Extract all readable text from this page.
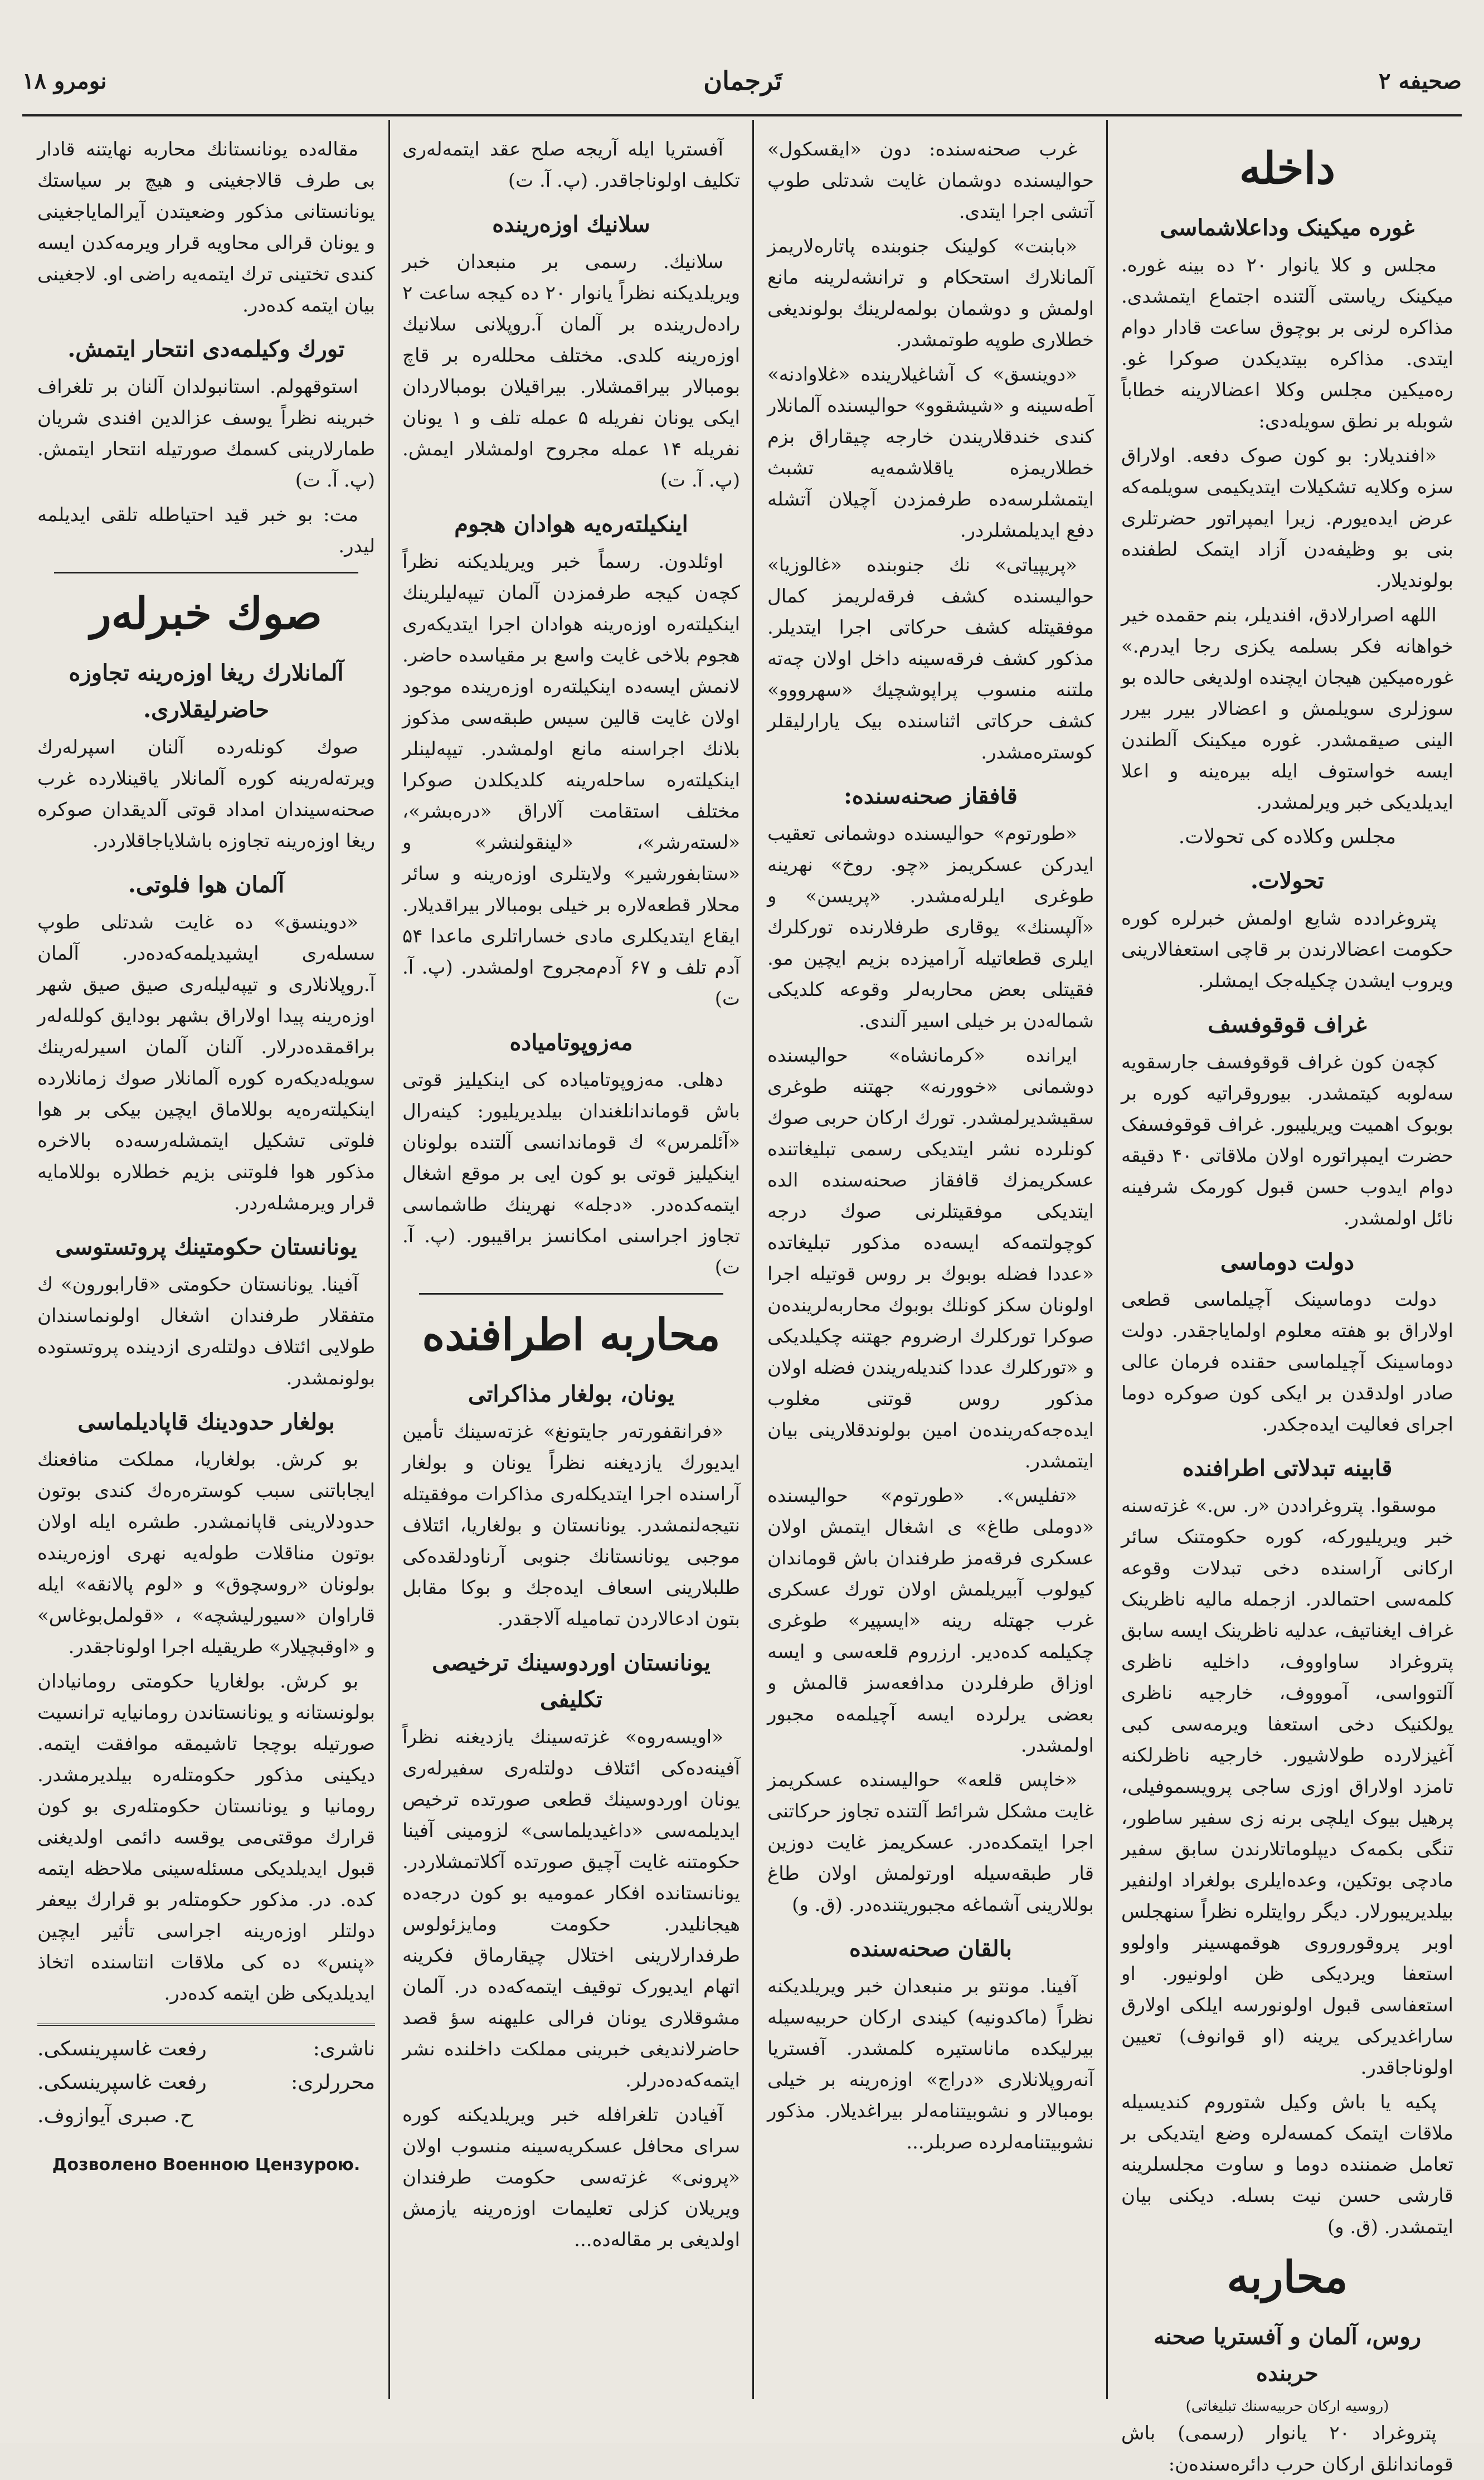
صحیفه ۲
تَرجمان
نومرو ۱۸
داخله
غوره میکینک وداعلاشماسی

مجلس و کلا یانوار ۲۰ ده بینه غوره. میکینک ریاستی آلتنده اجتماع ایتمشدی. مذاکره لرنی بر بوچوق ساعت قادار دوام ایتدی. مذاکره بیتدیکدن صوکرا غو. ره‌میکین مجلس وکلا اعضالارینه خطاباً شوبله بر نطق سویله‌دی:

«افندیلار: بو کون صوک دفعه. اولاراق سزه وکلایه تشکیلات ایتدیکیمی سویلمه‌که عرض ایده‌یورم. زیرا ایمپراتور حضرتلری بنی بو وظیفه‌دن آزاد ایتمک لطفنده بولوندیلار.

اللهه اصرارلادق، افندیلر، بنم حقمده خیر خواهانه فکر بسلمه یکزی رجا ایدرم.» غوره‌میکین هیجان ایچنده اولدیغی حالده بو سوزلری سویلمش و اعضالار بیرر بیرر الینی صیقمشدر. غوره میکینک آلطندن ایسه خواستوف ایله بیره‌ینه و اعلا ایدیلدیکی خبر ویرلمشدر.

مجلس وکلاده کی تحولات.
تحولات.

پتروغرادده شایع اولمش خبرلره کوره حکومت اعضالارندن بر قاچی استعفالارینی ویروب ایشدن چکیله‌جک ایمشلر.

غراف قوقوفسف

کچه‌ن کون غراف قوقوفسف جارسقویه سه‌لوبه کیتمشدر. بیوروقراتیه کوره بر بوبوک اهمیت ویریلیبور. غراف قوقوفسفک حضرت ایمپراتوره اولان ملاقاتی ۴۰ دقیقه دوام ایدوب حسن قبول کورمک شرفینه نائل اولمشدر.

دولت دوماسی

دولت دوماسینک آچیلماسی قطعی اولاراق بو هفته معلوم اولمایاجقدر. دولت دوماسینک آچیلماسی حقنده فرمان عالی صادر اولدقدن بر ایکی کون صوکره دوما اجرای فعالیت ایده‌جکدر.

قابینه تبدلاتی اطرافنده

موسقوا. پتروغراددن «ر. س.» غزته‌سنه خبر ویریلیورکه، کوره حکومتنک سائر ارکانی آراسنده دخی تبدلات وقوعه کلمه‌سی احتمالدر. ازجمله مالیه ناظرینک غراف ایغناتیف، عدلیه ناظرینک ایسه سابق پتروغراد ساواووف، داخلیه ناظری آلتوواسی، آموووف، خارجیه ناظری یولکنیک دخی استعفا ویرمه‌سی کبی آغیزلارده طولاشیور. خارجیه ناظرلکنه تامزد اولاراق اوزی ساجی پرویسموفیلی، پرهیل بیوک ایلچی برنه زی سفیر ساطور، تنگی بکمه‌ک دیپلوماتلارندن سابق سفیر مادچی بوتکین، وعده‌ایلری بولغراد اولنفیر بیلدیریبورلار. دیگر روایتلره نظراً سنهجلس اوبر پروقوروروی هوقمهسینر واولوو استعفا ویردیکی ظن اولونیور. او استعفاسی قبول اولونورسه ایلکی اولارق ساراغدیرکی یرینه (او قوانوف) تعیین اولوناجاقدر.

پکیه یا باش وکیل شتوروم کندیسیله ملاقات ایتمک کمسه‌لره وضع ایتدیکی بر تعامل ضمننده دوما و ساوت مجلسلرینه قارشی حسن نیت بسله. دیکنی بیان ایتمشدر. (ق. و)

محاربه
روس، آلمان و آفستریا صحنه حربنده
(روسیه ارکان حربیه‌سنك تبلیغاتی)

پتروغراد ۲۰ یانوار (رسمی) باش قوماندانلق ارکان حرب دائره‌سنده‌ن:

غرب صحنه‌سنده: دون «ایقسکول» حوالیسنده دوشمان غایت شدتلی طوپ آتشی اجرا ایتدی.

«بابنت» کولینک جنوبنده پاتاره‌لاریمز آلمانلارك استحکام و ترانشه‌لرینه مانع اولمش و دوشمان بولمه‌لرینك بولوندیغی خطلاری طوپه طوتمشدر.

«دوینسق» ک آشاغیلارینده «غلاوادنه» آطه‌سینه و «شیشقوو» حوالیسنده آلمانلار کندی خندقلاریندن خارجه چیقاراق بزم خطلاریمزه یاقلاشمه‌یه تشبث ایتمشلرسه‌ده طرفمزدن آچیلان آتشله دفع ایدیلمشلردر.

«پریپیاتی» نك جنوبنده «غالوزیا» حوالیسنده کشف فرقه‌لریمز کمال موفقیتله کشف حرکاتی اجرا ایتدیلر. مذکور کشف فرقه‌سینه داخل اولان چه‌ته ملتنه منسوب پراپوشچیك «سهرووو» کشف حرکاتی اثناسنده بیک یارارلیقلر کوستره‌مشدر.

قافقاز صحنه‌سنده:

«طورتوم» حوالیسنده دوشمانی تعقیب ایدرکن عسکریمز «چو. روخ» نهرینه طوغری ایلرله‌مشدر. «پریسن» و «آلپسنك» یوقاری طرفلارنده تورکلرك ایلری قطعاتیله آرامیزده بزیم ایچین مو. فقیتلی بعض محاربه‌لر وقوعه کلدیکی شماله‌دن بر خیلی اسیر آلندی.

ایرانده «کرمانشاه» حوالیسنده دوشمانی «خوورنه» جهتنه طوغری سقیشدیرلمشدر. تورك ارکان حربی صوك کونلرده نشر ایتدیکی رسمی تبلیغاتنده عسکریمزك قافقاز صحنه‌سنده الده ایتدیکی موفقیتلرنی صوك درجه کوچولتمه‌که ایسه‌ده مذکور تبلیغاتده «عددا فضله بوبوك بر روس قوتیله اجرا اولونان سکز کونلك بوبوك محاربه‌لرینده‌ن صوکرا تورکلرك ارضروم جهتنه چکیلدیکی و «تورکلرك عددا کندیله‌ریندن فضله اولان مذکور روس قوتنی مغلوب ایده‌جه‌که‌رینده‌ن امین بولوندقلارینی بیان ایتمشدر.

«تفلیس». «طورتوم» حوالیسنده «دوملی طاغ» ی اشغال ایتمش اولان عسکری فرقه‌مز طرفندان باش قوماندان کیولوب آبیریلمش اولان تورك عسکری غرب جهتله رینه «ایسپیر» طوغری چکیلمه کده‌دیر. ارزروم قلعه‌سی و ایسه اوزاق طرفلردن مدافعه‌سز قالمش و بعضی یرلرده ایسه آچیلمه‌ه مجبور اولمشدر.

«خاپس قلعه» حوالیسنده عسکریمز غایت مشکل شرائط آلتنده تجاوز حرکاتنی اجرا ایتمکده‌در. عسکریمز غایت دوزین قار طبقه‌سیله اورتولمش اولان طاغ بوللارینی آشماغه مجبوریتنده‌در. (ق. و)

بالقان صحنه‌سنده

آفینا. مونتو بر منبعدان خبر ویریلدیکنه نظراً (ماکدونیه) کیندی ارکان حربیه‌سیله بیرلیکده ماناستیره کلمشدر. آفستریا آنه‌روپلانلاری «دراج» اوزه‌رینه بر خیلی بومبالار و نشوبیتنامه‌لر بیراغدیلار. مذکور نشوبیتنامه‌لرده صربلر...

آفستریا ایله آریجه صلح عقد ایتمه‌له‌ری تکلیف اولوناجاقدر. (پ. آ. ت)

سلانیك اوزه‌رینده

سلانیك. رسمی بر منبعدان خبر ویریلدیکنه نظراً یانوار ۲۰ ده کیجه ساعت ۲ راده‌ل‌رینده بر آلمان آ.روپلانی سلانیك اوزه‌رینه کلدی. مختلف محلله‌ره بر قاچ بومبالار بیراقمشلار. بیراقیلان بومبالاردان ایکی یونان نفریله ۵ عمله تلف و ۱ یونان نفریله ۱۴ عمله مجروح اولمشلار ایمش. (پ. آ. ت)

اینکیلته‌ره‌یه هوادان هجوم

اوئلدون. رسماً خبر ویریلدیکنه نظراً کچه‌ن کیجه طرفمزدن آلمان تیپه‌لیلرینك اینکیلته‌ره اوزه‌رینه هوادان اجرا ایتدیکه‌ری هجوم بلاخی غایت واسع بر مقیاسده حاضر. لانمش ایسه‌ده اینکیلته‌ره اوزه‌رینده موجود اولان غایت قالین سیس طبقه‌سی مذکوز بلانك اجراسنه مانع اولمشدر. تیپه‌لینلر اینکیلته‌ره ساحله‌رینه کلدیکلدن صوکرا مختلف استقامت آلاراق «دره‌بشر»، «لسته‌رشر»، «لینقولنشر» و «ستابفورشیر» ولایتلری اوزه‌رینه و سائر محلار قطعه‌لاره بر خیلی بومبالار بیراقدیلار. ایقاع ایتدیکلری مادی خساراتلری ماعدا ۵۴ آدم تلف و ۶۷ آدم‌مجروح اولمشدر. (پ. آ. ت)

مه‌زوپوتامیاده

دهلی. مه‌زوپوتامیاده کی اینکیلیز قوتی باش قوماندانلغندان بیلدیریلیور: کینه‌رال «آئلمرس» ك قوماندانسی آلتنده بولونان اینکیلیز قوتی بو کون ایی بر موقع اشغال ایتمه‌کده‌در. «دجله» نهرینك طاشماسی تجاوز اجراسنی امکانسز براقیبور. (پ. آ. ت)

محاربه اطرافنده
یونان، بولغار مذاکراتی

«فرانقفورته‌ر جایتونغ» غزته‌سینك تأمین ایدیورك یازدیغنه نظراً یونان و بولغار آراسنده اجرا ایتدیکله‌ری مذاکرات موفقیتله نتیجه‌لنمشدر. یونانستان و بولغاریا، ائتلاف موجبی یونانستانك جنوبی آرناودلقده‌کی طلبلارینی اسعاف ایده‌جك و بوکا مقابل بتون ادعالاردن تمامیله آلاجقدر.

یونانستان اوردوسینك ترخیصی تکلیفی

«اویسه‌روه» غزته‌سینك یازدیغنه نظراً آفینه‌ده‌کی ائتلاف دولتله‌ری سفیرله‌ری یونان اوردوسینك قطعی صورتده ترخیص ایدیلمه‌سی «داغیدیلماسی» لزومینی آفینا حکومتنه غایت آچیق صورتده آکلاتمشلاردر. یونانستانده افکار عمومیه بو کون درجه‌ده هیجانلیدر. حکومت ومایزئولوس طرفدارلارینی اختلال چیقارماق فکرینه اتهام ایدیورک توقیف ایتمه‌که‌ده در. آلمان مشوقلاری یونان فرالی علیهنه سؤ قصد حاضرلاندیغی خبرینی مملکت داخلنده نشر ایتمه‌که‌ده‌درلر.

آفیادن تلغرافله خبر ویریلدیکنه کوره سرای محافل عسکریه‌سینه منسوب اولان «پرونی» غزته‌سی حکومت طرفندان ویریلان کزلی تعلیمات اوزه‌رینه یازمش اولدیغی بر مقاله‌ده...

مقاله‌ده یونانستانك محاربه نهایتنه قادار بی طرف قالاجغینی و هیچ بر سیاستك یونانستانی مذکور وضعیتدن آیرالمایاجغینی و یونان قرالی محاویه قرار ویرمه‌کدن ایسه کندی تختینی ترك ایتمه‌یه راضی او. لاجغینی بیان ایتمه کده‌در.

تورك وکیلمه‌دی انتحار ایتمش.

استوقهولم. استانبولدان آلنان بر تلغراف خبرینه نظراً یوسف عزالدین افندی شریان طمارلارینی کسمك صورتیله انتحار ایتمش. (پ. آ. ت)

مت: بو خبر قید احتیاطله تلقی ایدیلمه لیدر.

صوك خبرله‌ر
آلمانلارك ریغا اوزه‌رینه تجاوزه حاضرلیقلاری.

صوك کونله‌رده آلنان اسپرله‌رك ویرته‌له‌رینه کوره آلمانلار یاقینلارده غرب صحنه‌سیندان امداد قوتی آلدیقدان صوکره ریغا اوزه‌رینه تجاوزه باشلایاجاقلاردر.

آلمان هوا فلوتی.

«دوینسق» ده غایت شدتلی طوپ سسله‌ری ایشیدیلمه‌که‌ده‌در. آلمان آ.روپلانلاری و تیپه‌لیله‌ری صیق صیق شهر اوزه‌رینه پیدا اولاراق بشهر بودایق کولله‌له‌ر براقمقده‌درلار. آلنان آلمان اسیرله‌رینك سویله‌دیکه‌ره کوره آلمانلار صوك زمانلارده اینکیلته‌ره‌یه بوللاماق ایچین بیکی بر هوا فلوتی تشکیل ایتمشله‌رسه‌ده بالاخره مذکور هوا فلوتنی بزیم خطلاره بوللامایه قرار ویرمشله‌ردر.

یونانستان حکومتینك پروتستوسی

آفینا. یونانستان حکومتی «قارابورون» ك متفقلار طرفندان اشغال اولونماسندان طولایی ائتلاف دولتله‌ری ازدینده پروتستوده بولونمشدر.

بولغار حدودینك قاپادیلماسی

بو کرش. بولغاریا، مملکت منافعنك ایجاباتنی سبب کوستره‌ره‌ك کندی بوتون حدودلارینی قاپانمشدر. طشره ایله اولان بوتون مناقلات طوله‌یه نهری اوزه‌رینده بولونان «روسچوق» و «لوم پالانقه» ایله قاراوان «سیورلیشچه» ، «قولمل‌بوغاس» و «اوقبچیلار» طریقیله اجرا اولوناجقدر.

بو کرش. بولغاریا حکومتی رومانیادان بولونستانه و یونانستاندن رومانیایه ترانسیت صورتیله بوچجا تاشیمقه موافقت ایتمه. دیکینی مذکور حکومتله‌ره بیلدیرمشدر. رومانیا و یونانستان حکومتله‌ری بو کون قرارك موقتی‌می یوقسه دائمی اولدیغنی قبول ایدیلدیکی مسئله‌سینی ملاحظه ایتمه کده. در. مذکور حکومتله‌ر بو قرارك بیعفر دولتلر اوزه‌رینه اجراسی تأثیر ایچین «پنس» ده کی ملاقات انتاسنده اتخاذ ایدیلدیکی ظن ایتمه کده‌در.

ناشری:
رفعت غاسپرینسکی.
محررلری:
رفعت غاسپرینسکی.
ح. صبری آیوازوف.
Дозволено Военною Цензурою.
